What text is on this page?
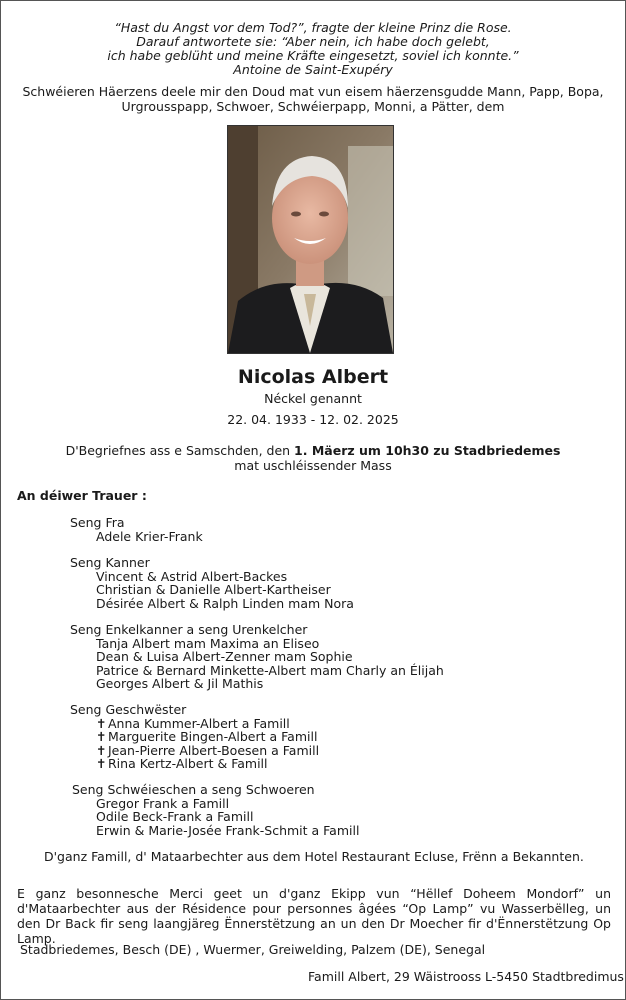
“Hast du Angst vor dem Tod?”, fragte der kleine Prinz die Rose.
Darauf antwortete sie: “Aber nein, ich habe doch gelebt,
ich habe geblüht und meine Kräfte eingesetzt, soviel ich konnte.”
Antoine de Saint-Exupéry
Schwéieren Häerzens deele mir den Doud mat vun eisem häerzensgudde Mann, Papp, Bopa,
Urgrousspapp, Schwoer, Schwéierpapp, Monni, a Pätter, dem
Nicolas Albert
Néckel genannt
22. 04. 1933 - 12. 02. 2025
D'Begriefnes ass e Samschden, den 1. Mäerz um 10h30 zu Stadbriedemes
mat uschléissender Mass
An déiwer Trauer :
Seng Fra
Adele Krier-Frank
Seng Kanner
Vincent & Astrid Albert-Backes
Christian & Danielle Albert-Kartheiser
Désirée Albert & Ralph Linden mam Nora
Seng Enkelkanner a seng Urenkelcher
Tanja Albert mam Maxima an Eliseo
Dean & Luisa Albert-Zenner mam Sophie
Patrice & Bernard Minkette-Albert mam Charly an Élijah
Georges Albert & Jil Mathis
Seng Geschwëster
✝ Anna Kummer-Albert a Famill
✝ Marguerite Bingen-Albert a Famill
✝ Jean-Pierre Albert-Boesen a Famill
✝ Rina Kertz-Albert & Famill
Seng Schwéieschen a seng Schwoeren
Gregor Frank a Famill
Odile Beck-Frank a Famill
Erwin & Marie-Josée Frank-Schmit a Famill
D'ganz Famill, d' Mataarbechter aus dem Hotel Restaurant Ecluse, Frënn a Bekannten.
E ganz besonnesche Merci geet un d'ganz Ekipp vun “Hëllef Doheem Mondorf” un d'Mataarbechter aus der Résidence pour personnes âgées “Op Lamp” vu Wasserbëlleg, un den Dr Back fir seng laangjäreg Ënnerstëtzung an un den Dr Moecher fir d'Ënnerstëtzung Op Lamp.
Stadbriedemes, Besch (DE) , Wuermer, Greiwelding, Palzem (DE), Senegal
Famill Albert, 29 Wäistrooss L-5450 Stadtbredimus
